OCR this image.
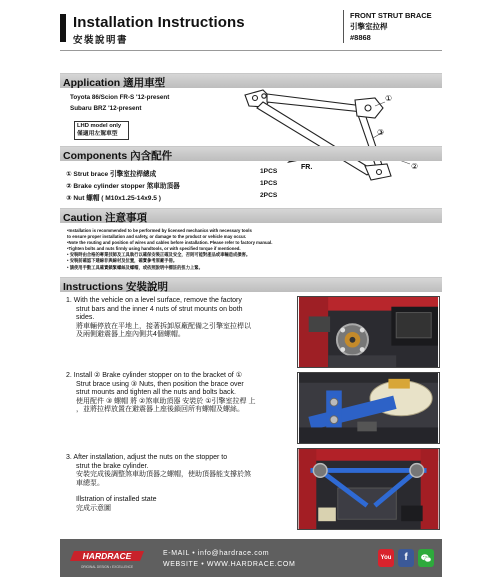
Installation Instructions
安裝說明書
FRONT STRUT BRACE
引擎室拉桿
#8868
Application 適用車型
Toyota 86/Scion FR-S '12-present
Subaru BRZ '12-present
LHD model only
僅適用左駕車型
FR.
①
③
②
Components 內含配件
① Strut brace 引擎室拉桿總成	1PCS
② Brake cylinder stopper 煞車助頂器	1PCS
③ Nut 螺帽 ( M10x1.25-14x9.5 )	2PCS
Caution 注意事項
•Installation is recommended to be performed by licensed mechanics with necessary tools
to ensure proper installation and safety, or damage to the product or vehicle may occur.
•Note the routing and position of wires and cables before installation. Please refer to factory manual.
•Tighten bolts and nuts firmly using handtools, or with specified torque if mentioned.
• 安裝時由合格的專業技師及工具執行以確保安裝正確及安全，否則可能對產品或車輛造成損害。
• 安裝前確認下建線非與線材及位置，確實參考原廠手冊。
• 請使用手動工具確實鎖緊螺絲及螺帽，或依照說明中標註的扭力上緊。
Instructions 安裝說明
1. With the vehicle on a level surface, remove the factory
strut bars and the inner 4 nuts of strut mounts on both
sides.
將車輛停放在平地上，接著拆卸原廠配備之引擎室拉桿以
及兩側避震器上座內側共4個螺帽。
2. Install ② Brake cylinder stopper on to the bracket of ①
Strut brace using ③ Nuts, then position the brace over
strut mounts and tighten all the nuts and bolts back.
使用配件 ③ 螺帽 將 ②煞車助頂器 安裝於 ①引擎室拉桿 上
，並將拉桿放置在避震器上座後鎖回所有螺帽及螺絲。
3. After installation, adjust the nuts on the stopper to
strut the brake cylinder.
安裝完成後調整煞車助頂器之螺帽，使助頂器能支撐於煞
車總泵。
Illstration of installed state
完成示意圖
HARDRACE
ORIGINAL DESIGN • EXCELLENCE
E-MAIL • info@hardrace.com
WEBSITE • WWW.HARDRACE.COM
You	f
